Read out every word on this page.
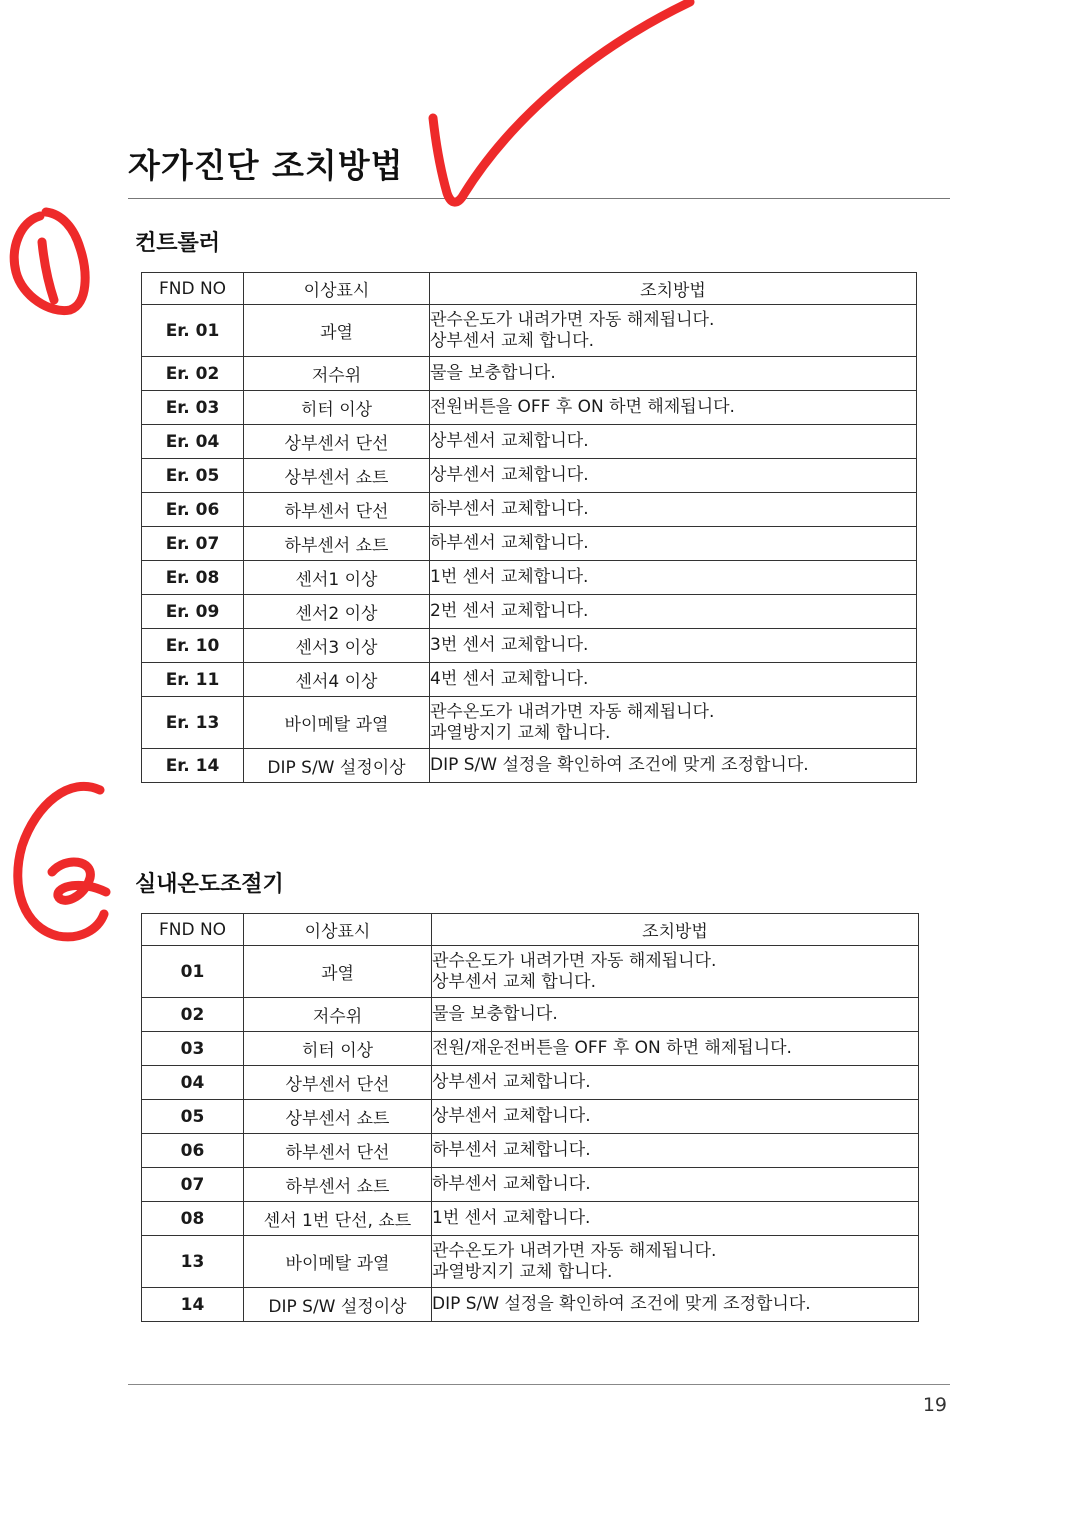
자가진단 조치방법
컨트롤러
FND NO	이상표시	조치방법
Er. 01	과열	관수온도가 내려가면 자동 해제됩니다.
상부센서 교체 합니다.

Er. 02	저수위	물을 보충합니다.

Er. 03	히터 이상	전원버튼을 OFF 후 ON 하면 해제됩니다.

Er. 04	상부센서 단선	상부센서 교체합니다.

Er. 05	상부센서 쇼트	상부센서 교체합니다.

Er. 06	하부센서 단선	하부센서 교체합니다.

Er. 07	하부센서 쇼트	하부센서 교체합니다.

Er. 08	센서1 이상	1번 센서 교체합니다.

Er. 09	센서2 이상	2번 센서 교체합니다.

Er. 10	센서3 이상	3번 센서 교체합니다.

Er. 11	센서4 이상	4번 센서 교체합니다.

Er. 13	바이메탈 과열	관수온도가 내려가면 자동 해제됩니다.
과열방지기 교체 합니다.

Er. 14	DIP S/W 설정이상	DIP S/W 설정을 확인하여 조건에 맞게 조정합니다.
실내온도조절기
FND NO	이상표시	조치방법
01	과열	관수온도가 내려가면 자동 해제됩니다.
상부센서 교체 합니다.

02	저수위	물을 보충합니다.

03	히터 이상	전원/재운전버튼을 OFF 후 ON 하면 해제됩니다.

04	상부센서 단선	상부센서 교체합니다.

05	상부센서 쇼트	상부센서 교체합니다.

06	하부센서 단선	하부센서 교체합니다.

07	하부센서 쇼트	하부센서 교체합니다.

08	센서 1번 단선, 쇼트	1번 센서 교체합니다.

13	바이메탈 과열	관수온도가 내려가면 자동 해제됩니다.
과열방지기 교체 합니다.

14	DIP S/W 설정이상	DIP S/W 설정을 확인하여 조건에 맞게 조정합니다.
19
